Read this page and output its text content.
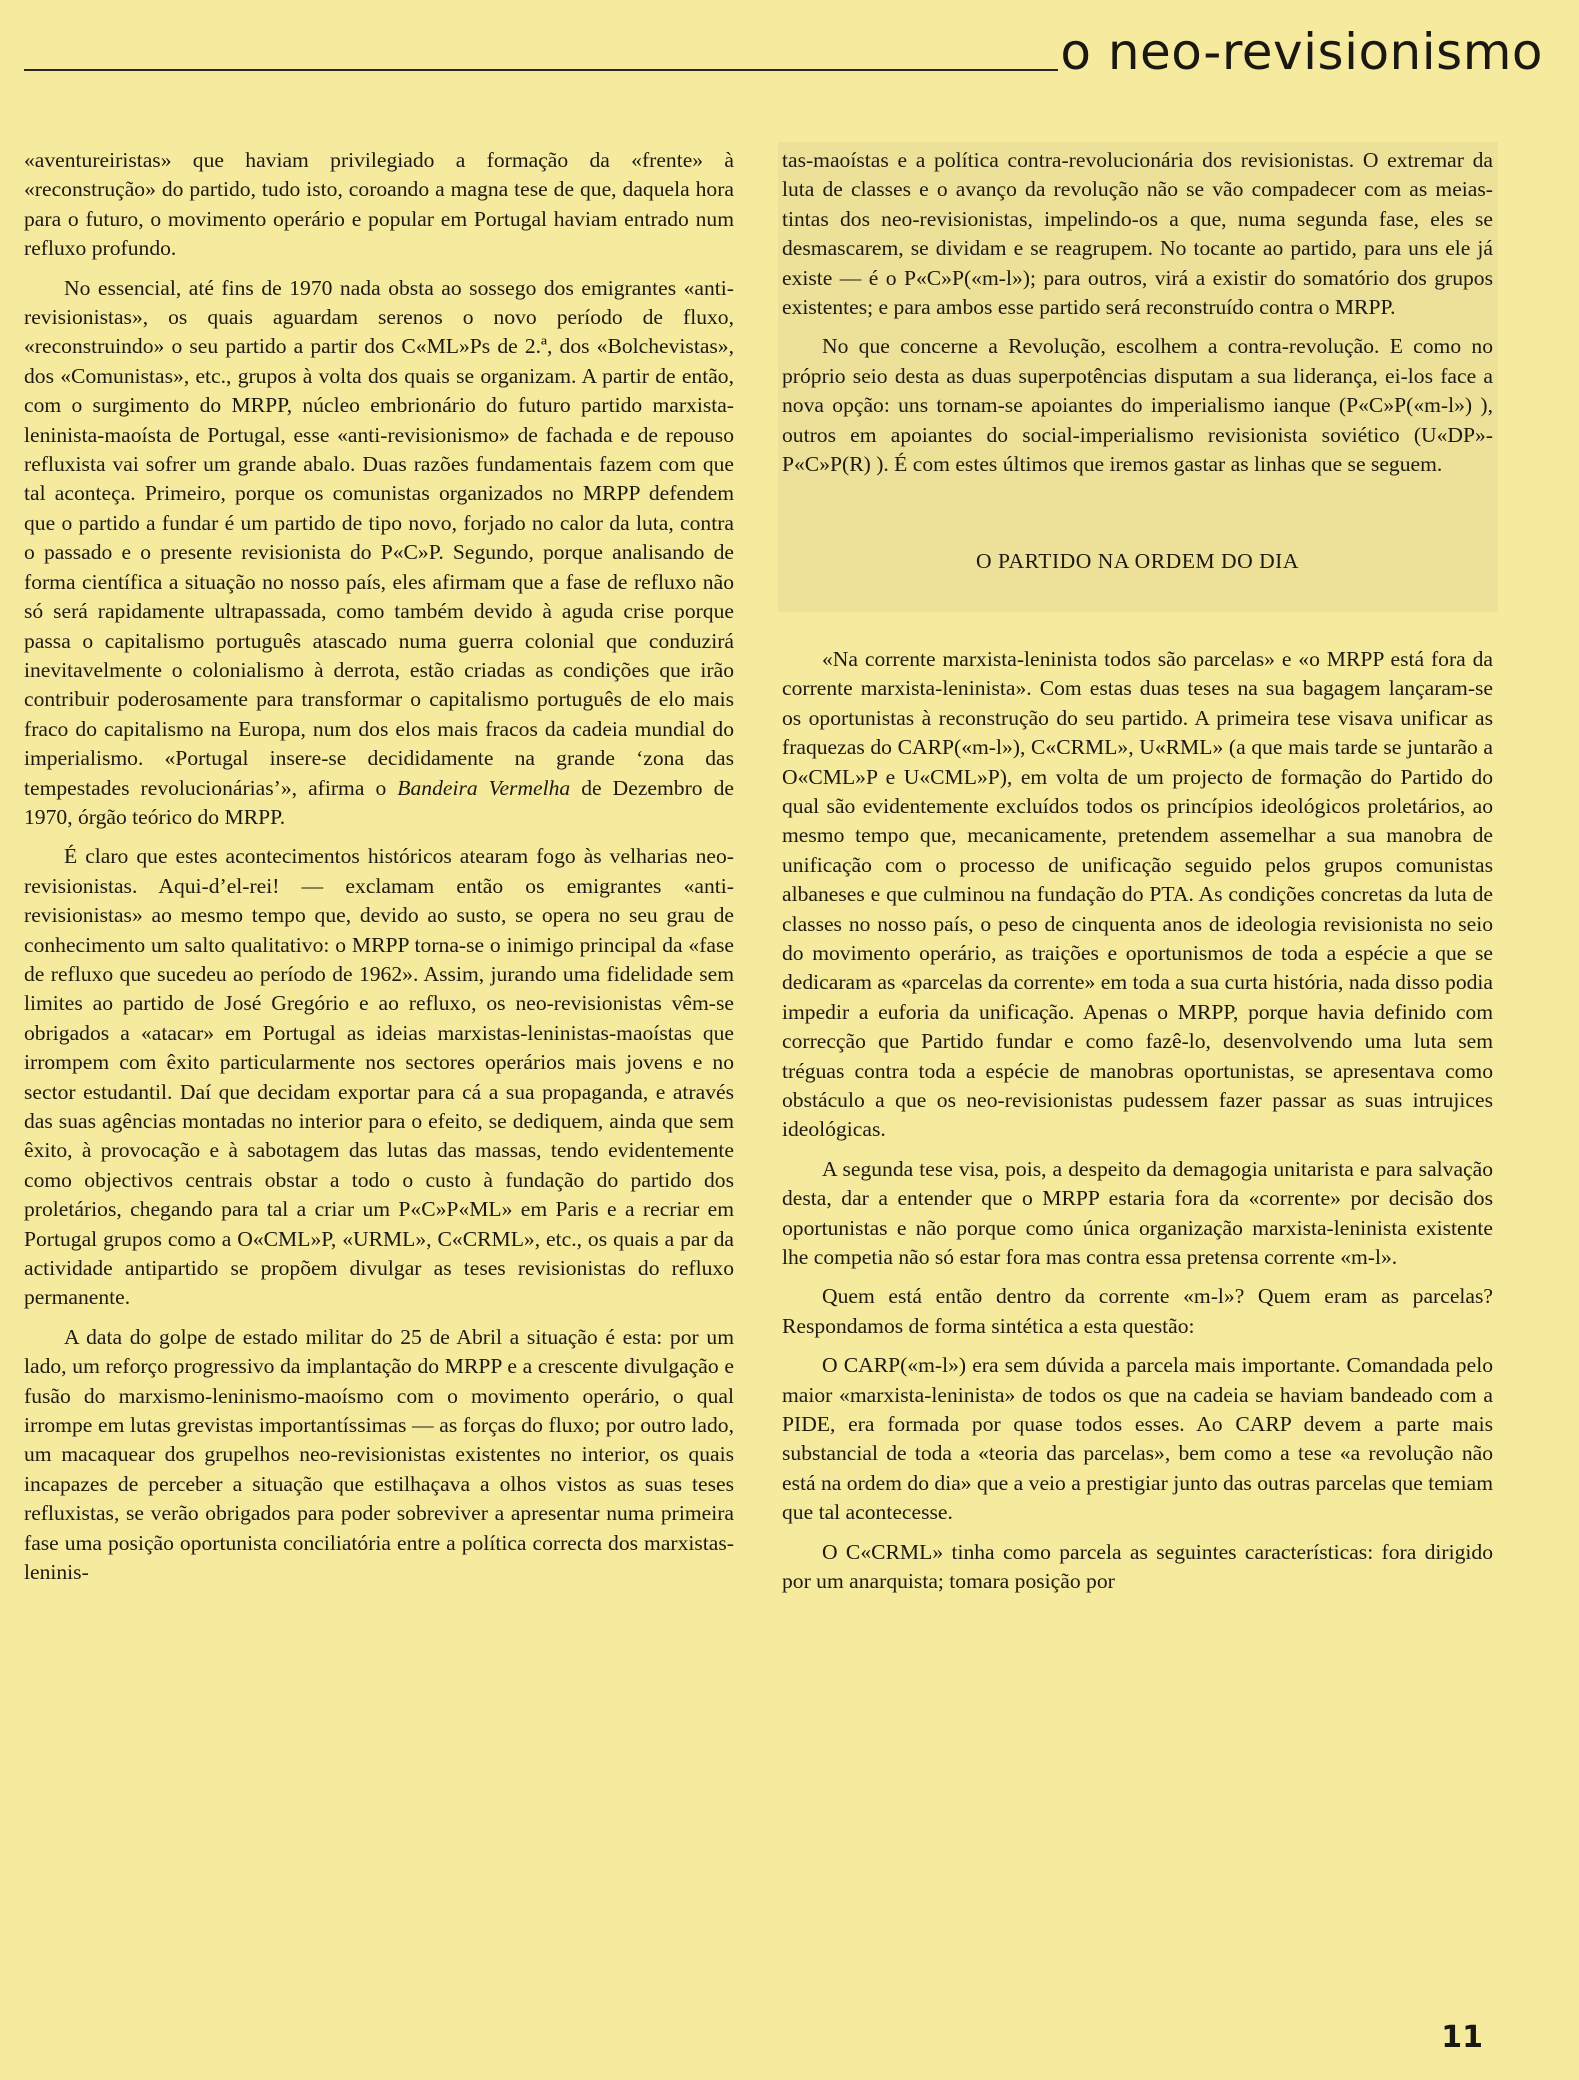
o neo-revisionismo

«aventureiristas» que haviam privilegiado a formação da «frente» à «reconstrução» do partido, tudo isto, coroando a magna tese de que, daquela hora para o futuro, o movimento operário e popular em Portugal haviam entrado num refluxo profundo.

No essencial, até fins de 1970 nada obsta ao sossego dos emigrantes «anti-revisionistas», os quais aguardam serenos o novo período de fluxo, «reconstruindo» o seu partido a partir dos C«ML»Ps de 2.ª, dos «Bolchevistas», dos «Comunistas», etc., grupos à volta dos quais se organizam. A partir de então, com o surgimento do MRPP, núcleo embrionário do futuro partido marxista-leninista-maoísta de Portugal, esse «anti-revisionismo» de fachada e de repouso refluxista vai sofrer um grande abalo. Duas razões fundamentais fazem com que tal aconteça. Primeiro, porque os comunistas organizados no MRPP defendem que o partido a fundar é um partido de tipo novo, forjado no calor da luta, contra o passado e o presente revisionista do P«C»P. Segundo, porque analisando de forma científica a situação no nosso país, eles afirmam que a fase de refluxo não só será rapidamente ultrapassada, como também devido à aguda crise porque passa o capitalismo português atascado numa guerra colonial que conduzirá inevitavelmente o colonialismo à derrota, estão criadas as condições que irão contribuir poderosamente para transformar o capitalismo português de elo mais fraco do capitalismo na Europa, num dos elos mais fracos da cadeia mundial do imperialismo. «Portugal insere-se decididamente na grande ‘zona das tempestades revolucionárias’», afirma o Bandeira Vermelha de Dezembro de 1970, órgão teórico do MRPP.

É claro que estes acontecimentos históricos atearam fogo às velharias neo-revisionistas. Aqui-d’el-rei! — exclamam então os emigrantes «anti-revisionistas» ao mesmo tempo que, devido ao susto, se opera no seu grau de conhecimento um salto qualitativo: o MRPP torna-se o inimigo principal da «fase de refluxo que sucedeu ao período de 1962». Assim, jurando uma fidelidade sem limites ao partido de José Gregório e ao refluxo, os neo-revisionistas vêm-se obrigados a «atacar» em Portugal as ideias marxistas-leninistas-maoístas que irrompem com êxito particularmente nos sectores operários mais jovens e no sector estudantil. Daí que decidam exportar para cá a sua propaganda, e através das suas agências montadas no interior para o efeito, se dediquem, ainda que sem êxito, à provocação e à sabotagem das lutas das massas, tendo evidentemente como objectivos centrais obstar a todo o custo à fundação do partido dos proletários, chegando para tal a criar um P«C»P«ML» em Paris e a recriar em Portugal grupos como a O«CML»P, «URML», C«CRML», etc., os quais a par da actividade antipartido se propõem divulgar as teses revisionistas do refluxo permanente.

A data do golpe de estado militar do 25 de Abril a situação é esta: por um lado, um reforço progressivo da implantação do MRPP e a crescente divulgação e fusão do marxismo-leninismo-maoísmo com o movimento operário, o qual irrompe em lutas grevistas importantíssimas — as forças do fluxo; por outro lado, um macaquear dos grupelhos neo-revisionistas existentes no interior, os quais incapazes de perceber a situação que estilhaçava a olhos vistos as suas teses refluxistas, se verão obrigados para poder sobreviver a apresentar numa primeira fase uma posição oportunista conciliatória entre a política correcta dos marxistas-leninis-

tas-maoístas e a política contra-revolucionária dos revisionistas. O extremar da luta de classes e o avanço da revolução não se vão compadecer com as meias-tintas dos neo-revisionistas, impelindo-os a que, numa segunda fase, eles se desmascarem, se dividam e se reagrupem. No tocante ao partido, para uns ele já existe — é o P«C»P(«m-l»); para outros, virá a existir do somatório dos grupos existentes; e para ambos esse partido será reconstruído contra o MRPP.

No que concerne a Revolução, escolhem a contra-revolução. E como no próprio seio desta as duas superpotências disputam a sua liderança, ei-los face a nova opção: uns tornam-se apoiantes do imperialismo ianque (P«C»P(«m-l») ), outros em apoiantes do social-imperialismo revisionista soviético (U«DP»-P«C»P(R) ). É com estes últimos que iremos gastar as linhas que se seguem.

O PARTIDO NA ORDEM DO DIA

«Na corrente marxista-leninista todos são parcelas» e «o MRPP está fora da corrente marxista-leninista». Com estas duas teses na sua bagagem lançaram-se os oportunistas à reconstrução do seu partido. A primeira tese visava unificar as fraquezas do CARP(«m-l»), C«CRML», U«RML» (a que mais tarde se juntarão a O«CML»P e U«CML»P), em volta de um projecto de formação do Partido do qual são evidentemente excluídos todos os princípios ideológicos proletários, ao mesmo tempo que, mecanicamente, pretendem assemelhar a sua manobra de unificação com o processo de unificação seguido pelos grupos comunistas albaneses e que culminou na fundação do PTA. As condições concretas da luta de classes no nosso país, o peso de cinquenta anos de ideologia revisionista no seio do movimento operário, as traições e oportunismos de toda a espécie a que se dedicaram as «parcelas da corrente» em toda a sua curta história, nada disso podia impedir a euforia da unificação. Apenas o MRPP, porque havia definido com correcção que Partido fundar e como fazê-lo, desenvolvendo uma luta sem tréguas contra toda a espécie de manobras oportunistas, se apresentava como obstáculo a que os neo-revisionistas pudessem fazer passar as suas intrujices ideológicas.

A segunda tese visa, pois, a despeito da demagogia unitarista e para salvação desta, dar a entender que o MRPP estaria fora da «corrente» por decisão dos oportunistas e não porque como única organização marxista-leninista existente lhe competia não só estar fora mas contra essa pretensa corrente «m-l».

Quem está então dentro da corrente «m-l»? Quem eram as parcelas? Respondamos de forma sintética a esta questão:

O CARP(«m-l») era sem dúvida a parcela mais importante. Comandada pelo maior «marxista-leninista» de todos os que na cadeia se haviam bandeado com a PIDE, era formada por quase todos esses. Ao CARP devem a parte mais substancial de toda a «teoria das parcelas», bem como a tese «a revolução não está na ordem do dia» que a veio a prestigiar junto das outras parcelas que temiam que tal acontecesse.

O C«CRML» tinha como parcela as seguintes características: fora dirigido por um anarquista; tomara posição por

11
